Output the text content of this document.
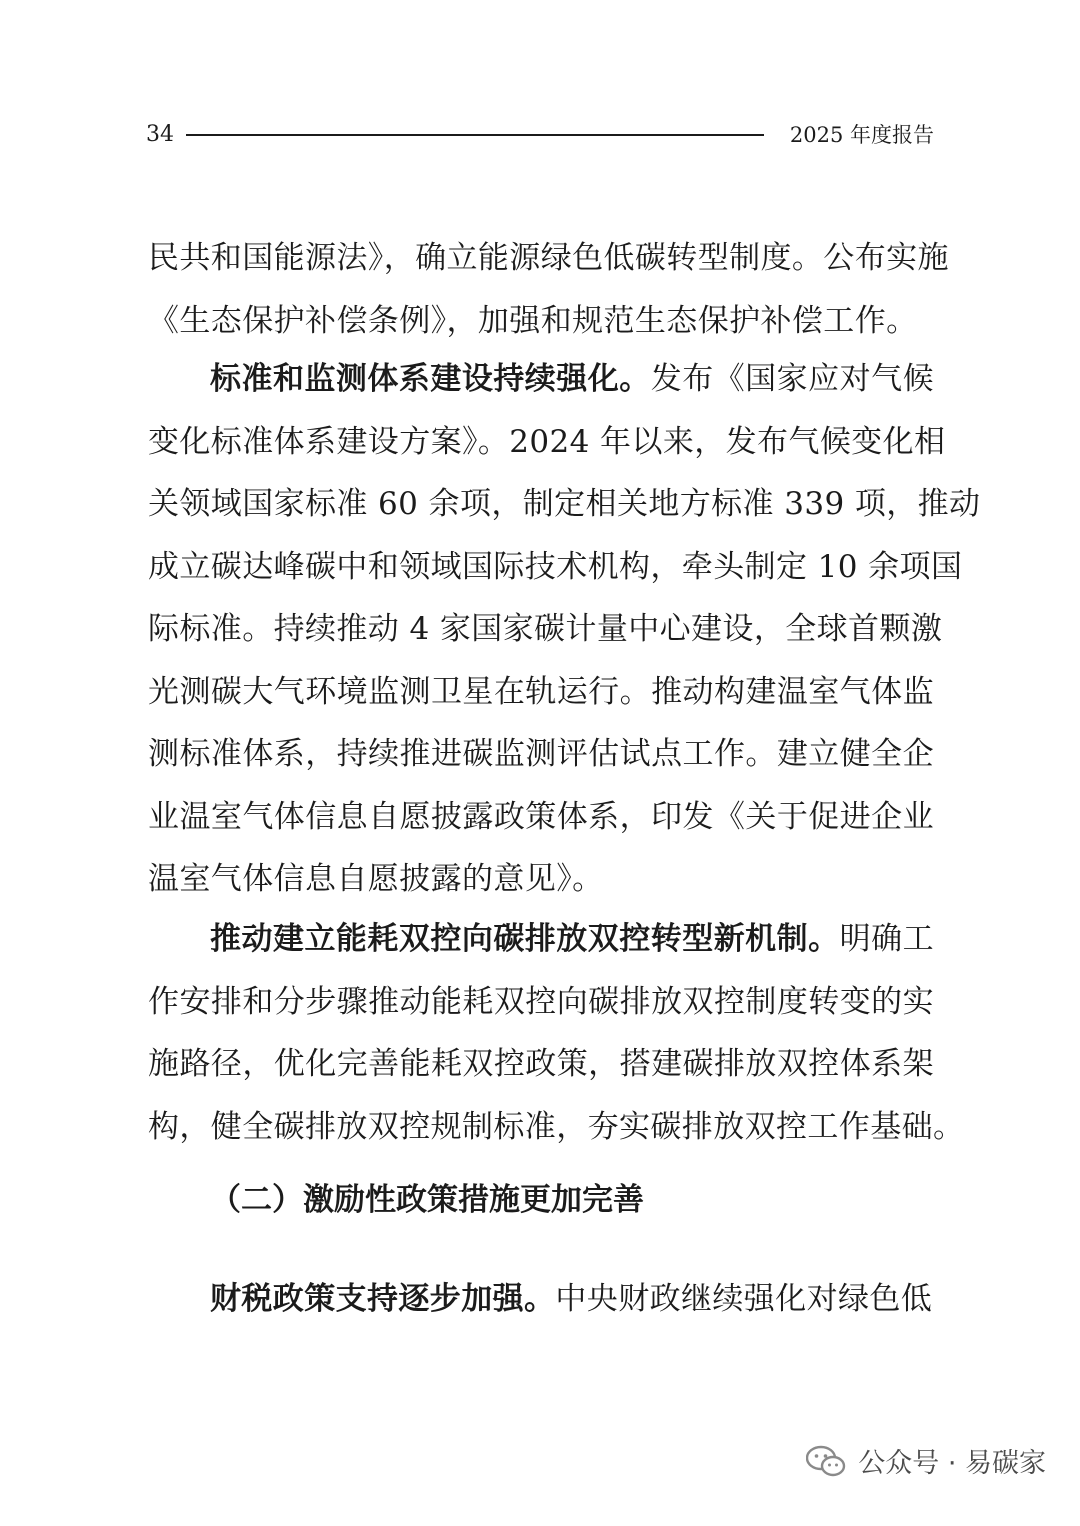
34	2025 年度报告
民共和国能源法》，确立能源绿色低碳转型制度。公布实施
《生态保护补偿条例》，加强和规范生态保护补偿工作。
标准和监测体系建设持续强化。发布《国家应对气候
变化标准体系建设方案》。2024 年以来，发布气候变化相
关领域国家标准 60 余项，制定相关地方标准 339 项，推动
成立碳达峰碳中和领域国际技术机构，牵头制定 10 余项国
际标准。持续推动 4 家国家碳计量中心建设，全球首颗激
光测碳大气环境监测卫星在轨运行。推动构建温室气体监
测标准体系，持续推进碳监测评估试点工作。建立健全企
业温室气体信息自愿披露政策体系，印发《关于促进企业
温室气体信息自愿披露的意见》。
推动建立能耗双控向碳排放双控转型新机制。明确工
作安排和分步骤推动能耗双控向碳排放双控制度转变的实
施路径，优化完善能耗双控政策，搭建碳排放双控体系架
构，健全碳排放双控规制标准，夯实碳排放双控工作基础。
（二）激励性政策措施更加完善
财税政策支持逐步加强。中央财政继续强化对绿色低
公众号 · 易碳家
